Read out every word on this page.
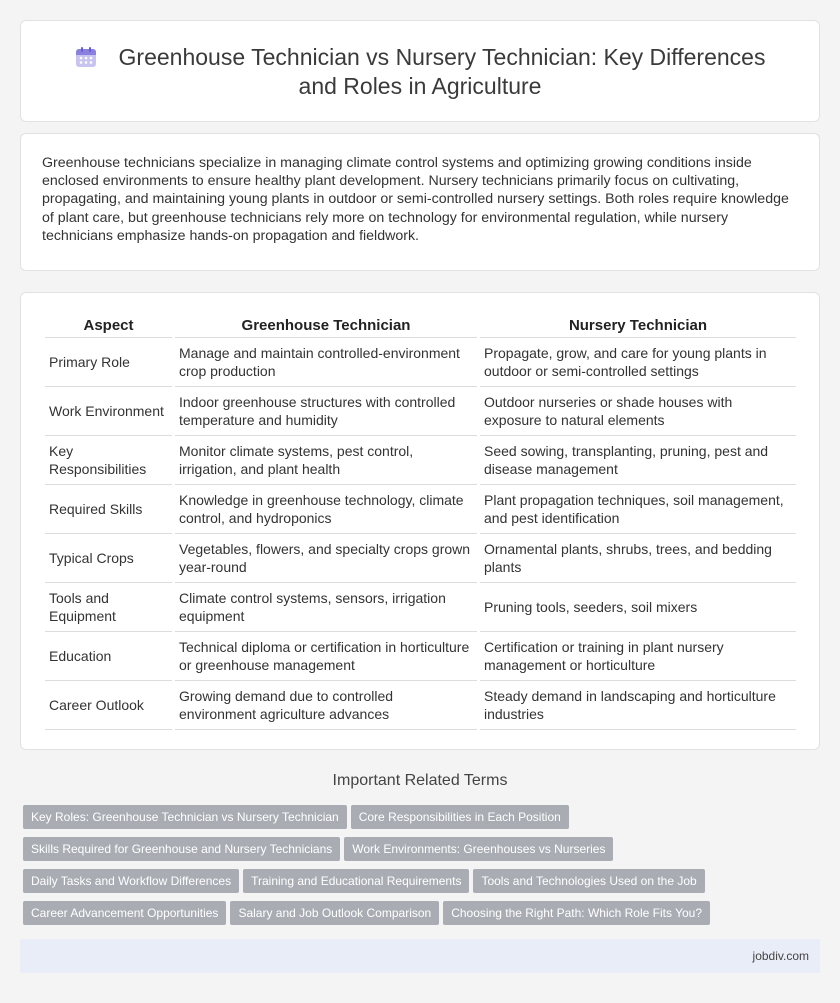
Greenhouse Technician vs Nursery Technician: Key Differences and Roles in Agriculture

Greenhouse technicians specialize in managing climate control systems and optimizing growing conditions inside enclosed environments to ensure healthy plant development. Nursery technicians primarily focus on cultivating, propagating, and maintaining young plants in outdoor or semi-controlled nursery settings. Both roles require knowledge of plant care, but greenhouse technicians rely more on technology for environmental regulation, while nursery technicians emphasize hands-on propagation and fieldwork.

Aspect	Greenhouse Technician	Nursery Technician
Primary Role	Manage and maintain controlled-environment crop production	Propagate, grow, and care for young plants in outdoor or semi-controlled settings
Work Environment	Indoor greenhouse structures with controlled temperature and humidity	Outdoor nurseries or shade houses with exposure to natural elements
Key Responsibilities	Monitor climate systems, pest control, irrigation, and plant health	Seed sowing, transplanting, pruning, pest and disease management
Required Skills	Knowledge in greenhouse technology, climate control, and hydroponics	Plant propagation techniques, soil management, and pest identification
Typical Crops	Vegetables, flowers, and specialty crops grown year-round	Ornamental plants, shrubs, trees, and bedding plants
Tools and Equipment	Climate control systems, sensors, irrigation equipment	Pruning tools, seeders, soil mixers
Education	Technical diploma or certification in horticulture or greenhouse management	Certification or training in plant nursery management or horticulture
Career Outlook	Growing demand due to controlled environment agriculture advances	Steady demand in landscaping and horticulture industries
Important Related Terms
Key Roles: Greenhouse Technician vs Nursery Technician Core Responsibilities in Each Position
Skills Required for Greenhouse and Nursery Technicians Work Environments: Greenhouses vs Nurseries
Daily Tasks and Workflow Differences Training and Educational Requirements Tools and Technologies Used on the Job
Career Advancement Opportunities Salary and Job Outlook Comparison Choosing the Right Path: Which Role Fits You?
jobdiv.com
